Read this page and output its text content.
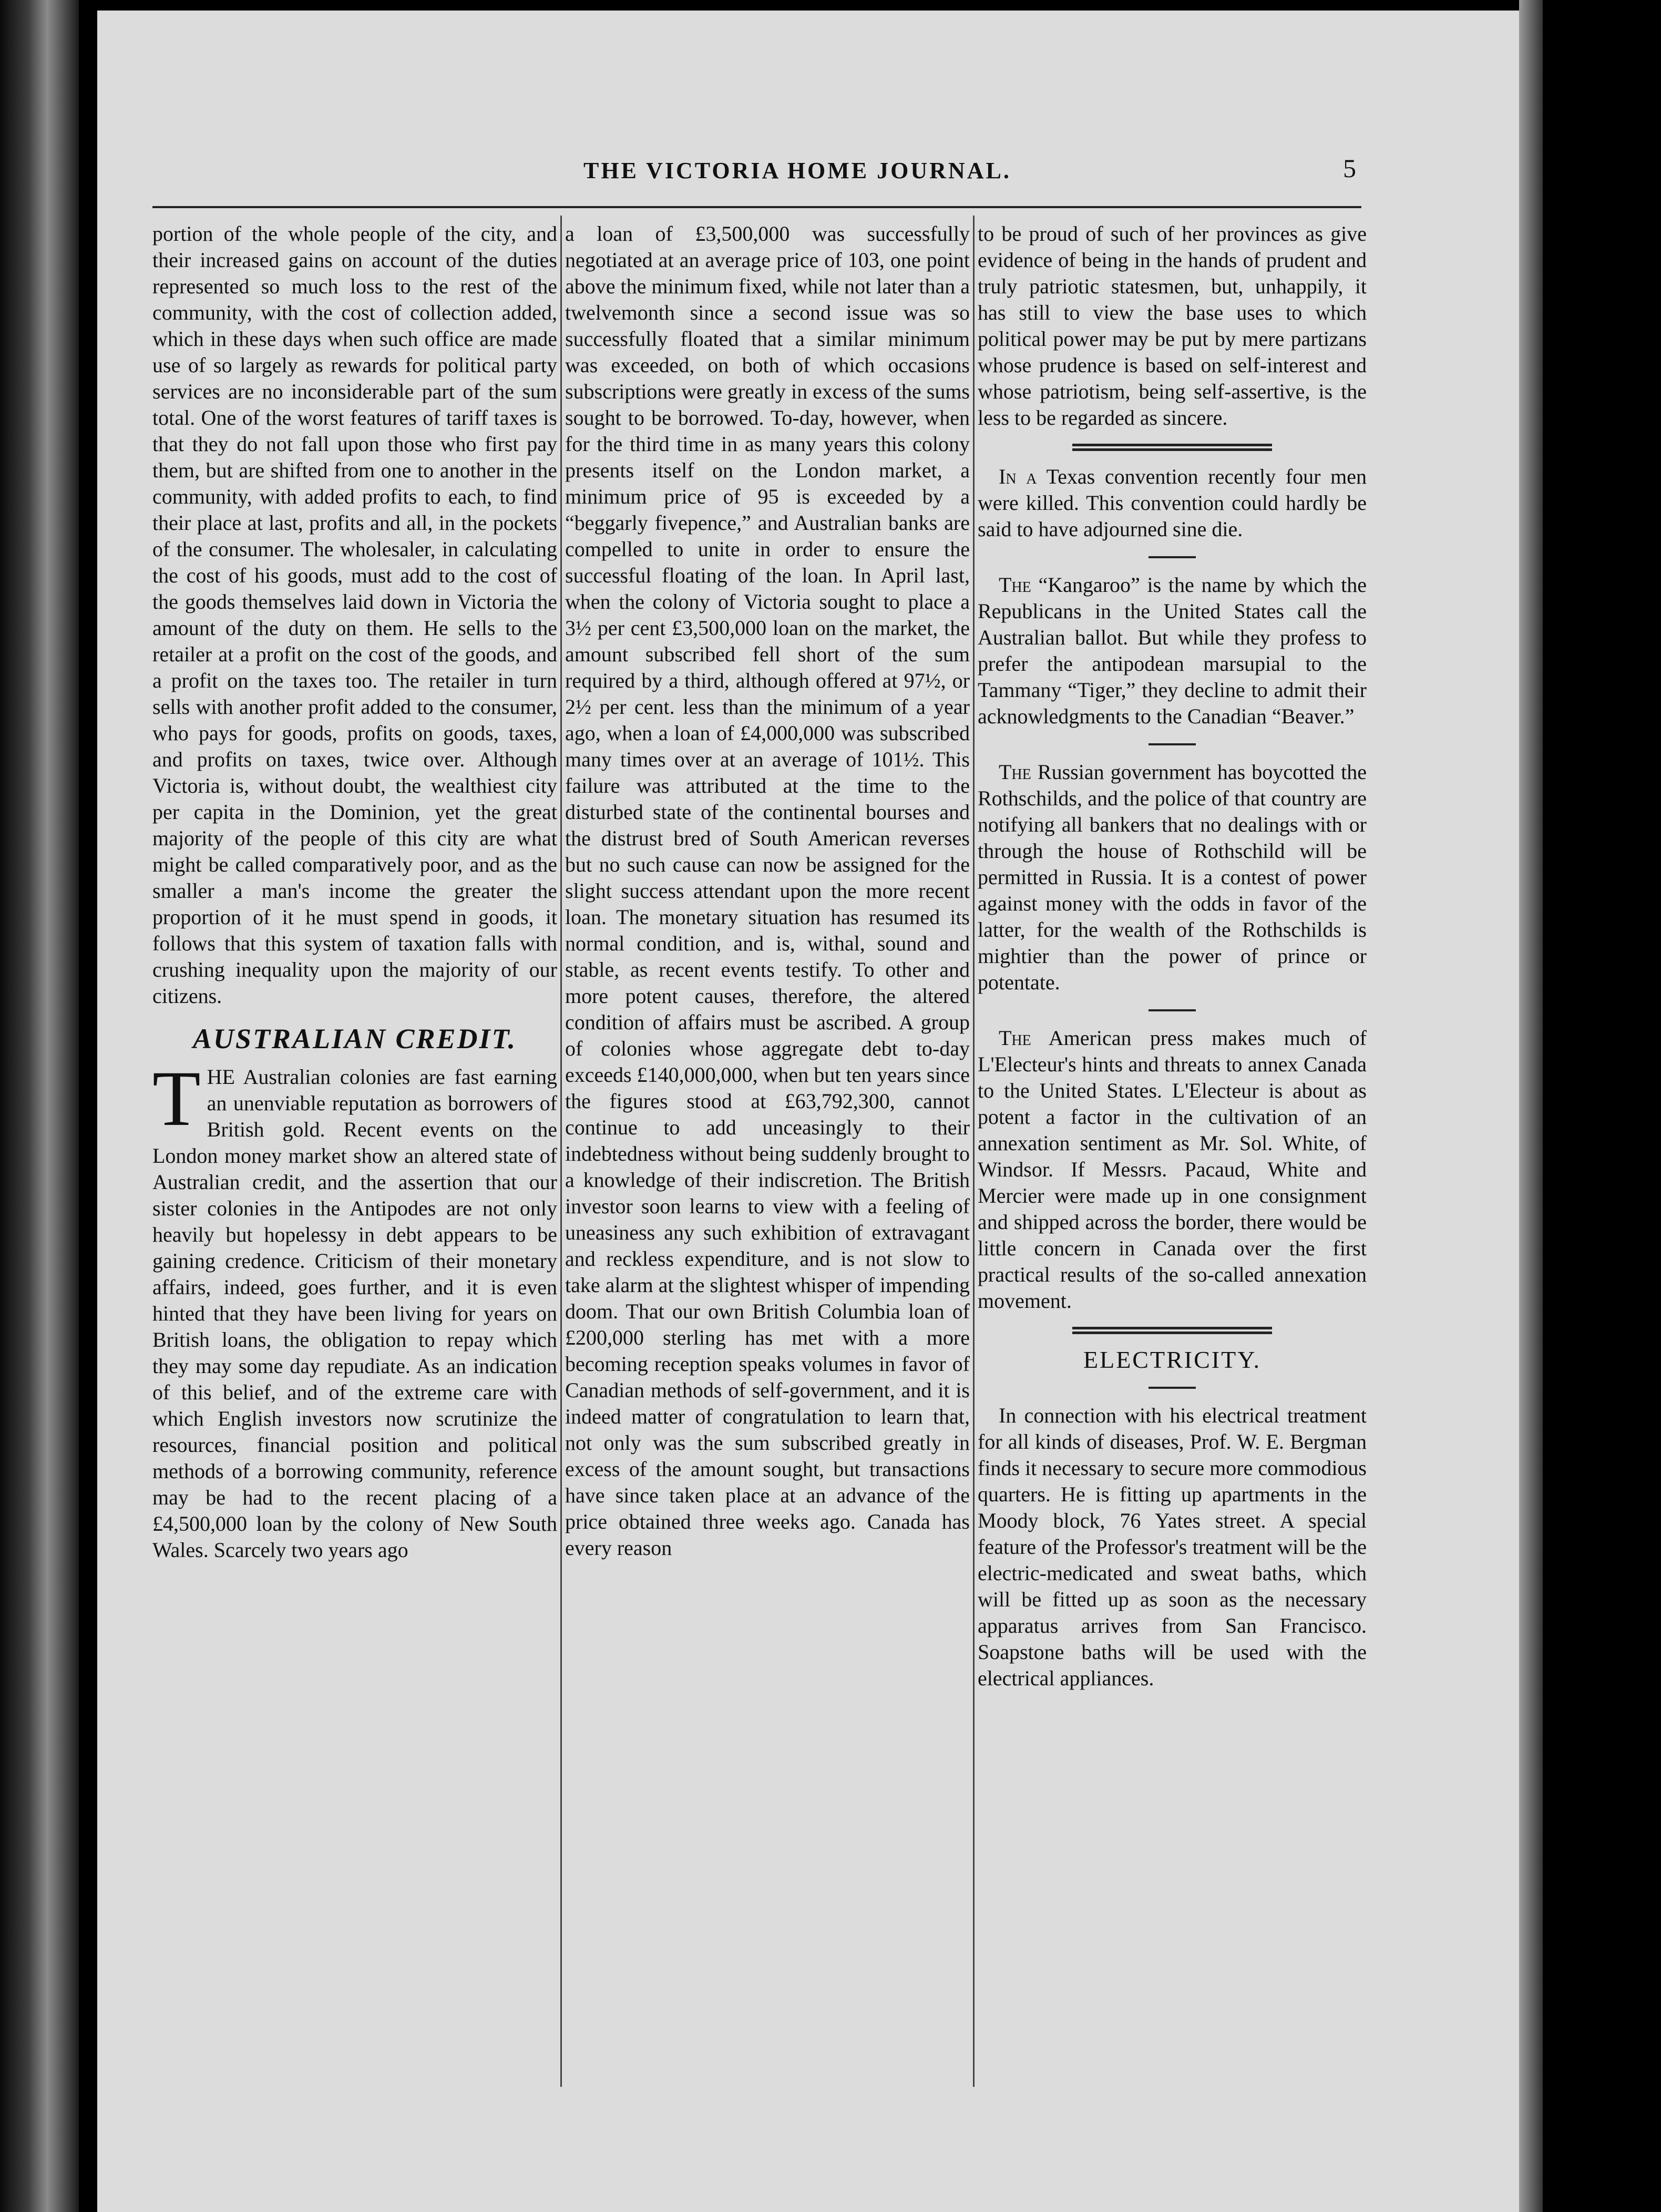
THE VICTORIA HOME JOURNAL.	5

portion of the whole people of the city, and their increased gains on account of the duties represented so much loss to the rest of the community, with the cost of collection added, which in these days when such office are made use of so largely as rewards for political party services are no inconsiderable part of the sum total. One of the worst features of tariff taxes is that they do not fall upon those who first pay them, but are shifted from one to another in the community, with added profits to each, to find their place at last, profits and all, in the pockets of the consumer. The wholesaler, in calculating the cost of his goods, must add to the cost of the goods themselves laid down in Victoria the amount of the duty on them. He sells to the retailer at a profit on the cost of the goods, and a profit on the taxes too. The retailer in turn sells with another profit added to the consumer, who pays for goods, profits on goods, taxes, and profits on taxes, twice over. Although Victoria is, without doubt, the wealthiest city per capita in the Dominion, yet the great majority of the people of this city are what might be called comparatively poor, and as the smaller a man's income the greater the proportion of it he must spend in goods, it follows that this system of taxation falls with crushing inequality upon the majority of our citizens.

AUSTRALIAN CREDIT.

THE Australian colonies are fast earning an unenviable reputation as borrowers of British gold. Recent events on the London money market show an altered state of Australian credit, and the assertion that our sister colonies in the Antipodes are not only heavily but hopelessy in debt appears to be gaining credence. Criticism of their monetary affairs, indeed, goes further, and it is even hinted that they have been living for years on British loans, the obligation to repay which they may some day repudiate. As an indication of this belief, and of the extreme care with which English investors now scrutinize the resources, financial position and political methods of a borrowing community, reference may be had to the recent placing of a £4,500,000 loan by the colony of New South Wales. Scarcely two years ago

a loan of £3,500,000 was successfully negotiated at an average price of 103, one point above the minimum fixed, while not later than a twelvemonth since a second issue was so successfully floated that a similar minimum was exceeded, on both of which occasions subscriptions were greatly in excess of the sums sought to be borrowed. To-day, however, when for the third time in as many years this colony presents itself on the London market, a minimum price of 95 is exceeded by a “beggarly fivepence,” and Australian banks are compelled to unite in order to ensure the successful floating of the loan. In April last, when the colony of Victoria sought to place a 3½ per cent £3,500,000 loan on the market, the amount subscribed fell short of the sum required by a third, although offered at 97½, or 2½ per cent. less than the minimum of a year ago, when a loan of £4,000,000 was subscribed many times over at an average of 101½. This failure was attributed at the time to the disturbed state of the continental bourses and the distrust bred of South American reverses but no such cause can now be assigned for the slight success attendant upon the more recent loan. The monetary situation has resumed its normal condition, and is, withal, sound and stable, as recent events testify. To other and more potent causes, therefore, the altered condition of affairs must be ascribed. A group of colonies whose aggregate debt to-day exceeds £140,000,000, when but ten years since the figures stood at £63,792,300, cannot continue to add unceasingly to their indebtedness without being suddenly brought to a knowledge of their indiscretion. The British investor soon learns to view with a feeling of uneasiness any such exhibition of extravagant and reckless expenditure, and is not slow to take alarm at the slightest whisper of impending doom. That our own British Columbia loan of £200,000 sterling has met with a more becoming reception speaks volumes in favor of Canadian methods of self-government, and it is indeed matter of congratulation to learn that, not only was the sum subscribed greatly in excess of the amount sought, but transactions have since taken place at an advance of the price obtained three weeks ago. Canada has every reason

to be proud of such of her provinces as give evidence of being in the hands of prudent and truly patriotic statesmen, but, unhappily, it has still to view the base uses to which political power may be put by mere partizans whose prudence is based on self-interest and whose patriotism, being self-assertive, is the less to be regarded as sincere.

In a Texas convention recently four men were killed. This convention could hardly be said to have adjourned sine die.

The “Kangaroo” is the name by which the Republicans in the United States call the Australian ballot. But while they profess to prefer the antipodean marsupial to the Tammany “Tiger,” they decline to admit their acknowledgments to the Canadian “Beaver.”

The Russian government has boycotted the Rothschilds, and the police of that country are notifying all bankers that no dealings with or through the house of Rothschild will be permitted in Russia. It is a contest of power against money with the odds in favor of the latter, for the wealth of the Rothschilds is mightier than the power of prince or potentate.

The American press makes much of L'Electeur's hints and threats to annex Canada to the United States. L'Electeur is about as potent a factor in the cultivation of an annexation sentiment as Mr. Sol. White, of Windsor. If Messrs. Pacaud, White and Mercier were made up in one consignment and shipped across the border, there would be little concern in Canada over the first practical results of the so-called annexation movement.

ELECTRICITY.

In connection with his electrical treatment for all kinds of diseases, Prof. W. E. Bergman finds it necessary to secure more commodious quarters. He is fitting up apartments in the Moody block, 76 Yates street. A special feature of the Professor's treatment will be the electric-medicated and sweat baths, which will be fitted up as soon as the necessary apparatus arrives from San Francisco. Soapstone baths will be used with the electrical appliances.
